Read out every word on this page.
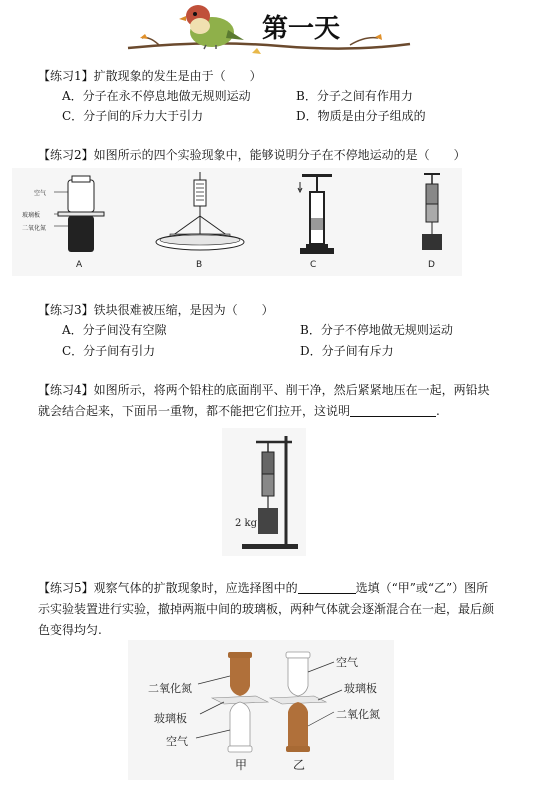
第一天
【练习1】扩散现象的发生是由于（　　）
A．分子在永不停息地做无规则运动	B．分子之间有作用力
C．分子间的斥力大于引力	D．物质是由分子组成的
【练习2】如图所示的四个实验现象中，能够说明分子在不停地运动的是（　　）
空气
玻璃板
二氧化氮
A	B	C	D
【练习3】铁块很难被压缩，是因为（　　）
A．分子间没有空隙	B．分子不停地做无规则运动
C．分子间有引力	D．分子间有斥力
【练习4】如图所示，将两个铅柱的底面削平、削干净，然后紧紧地压在一起，两铅块
就会结合起来，下面吊一重物，都不能把它们拉开，这说明	.
2 kg
【练习5】观察气体的扩散现象时，应选择图中的	选填（“甲”或“乙”）图所
示实验装置进行实验，撤掉两瓶中间的玻璃板，两种气体就会逐渐混合在一起，最后颜
色变得均匀.
二氧化氮
玻璃板
空气
空气
玻璃板
二氧化氮
甲	乙
